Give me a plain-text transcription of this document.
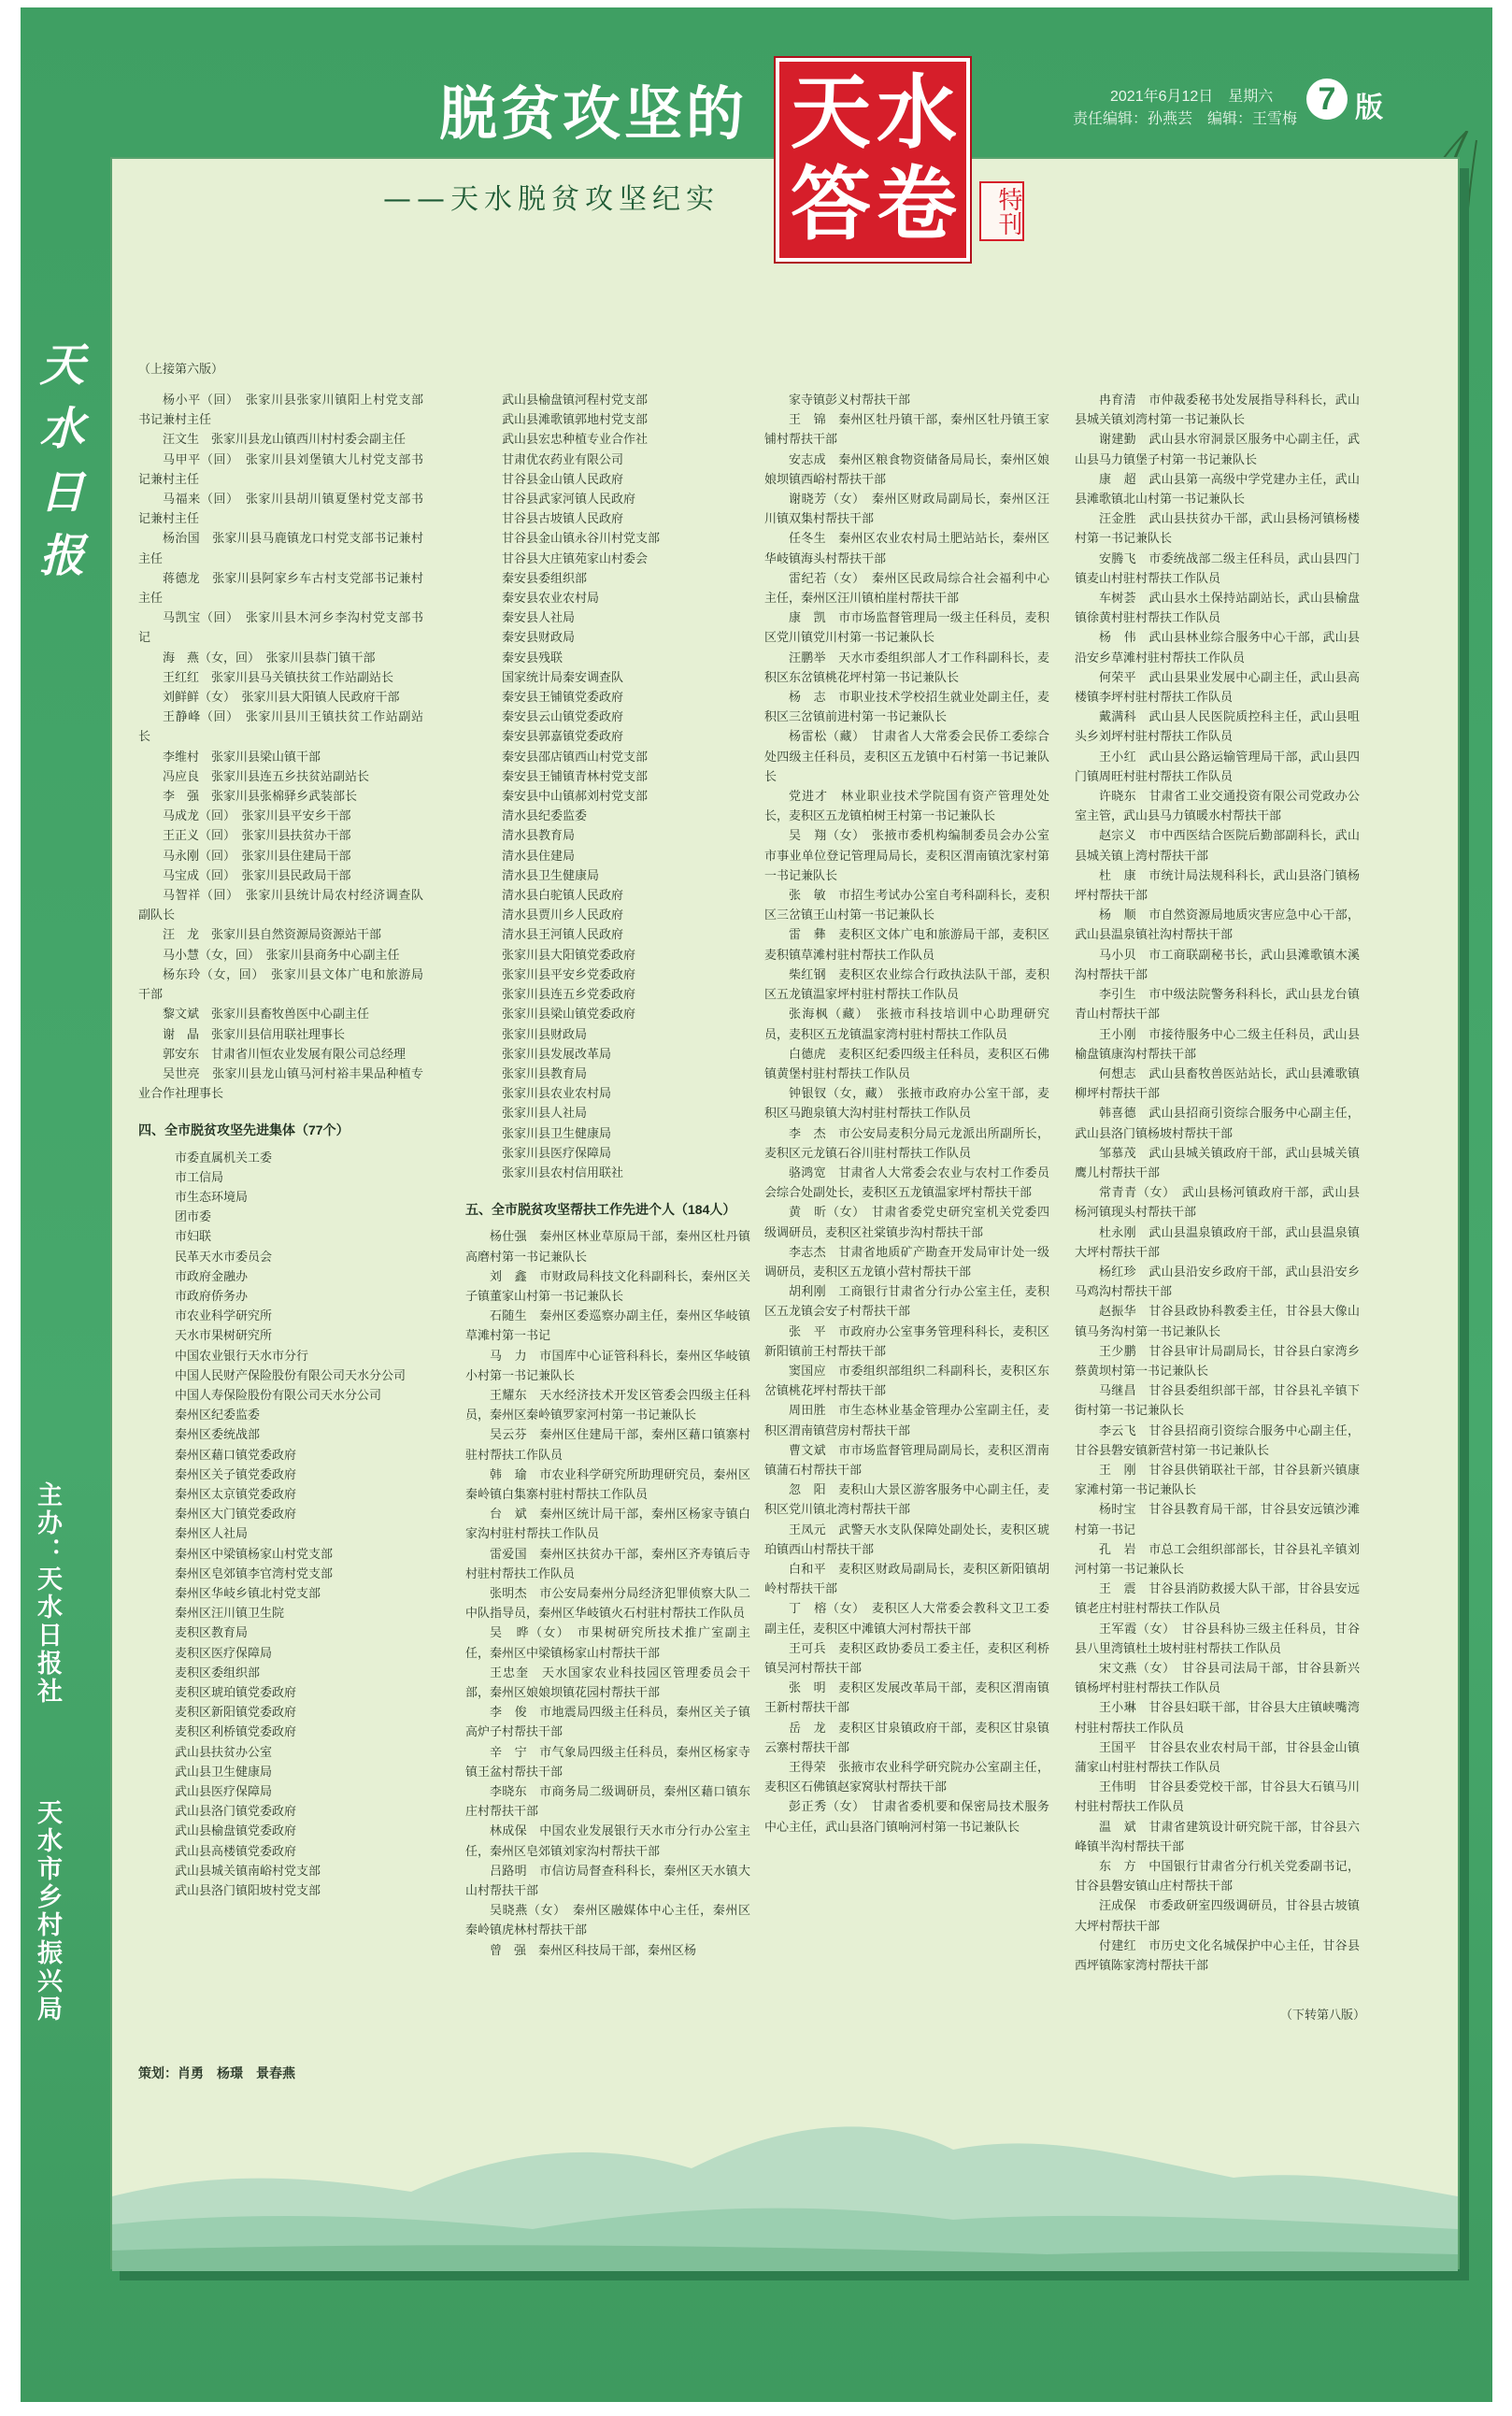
天水日报
主办：天水日报社
天水市乡村振兴局
脱贫攻坚的
——天水脱贫攻坚纪实
天 水
答 卷	特刊
2021年6月12日　星期六
责任编辑：孙燕芸　编辑：王雪梅
7 版
（上接第六版）

杨小平（回）　张家川县张家川镇阳上村党支部书记兼村主任

汪文生　张家川县龙山镇西川村村委会副主任

马甲平（回）　张家川县刘堡镇大儿村党支部书记兼村主任

马福来（回）　张家川县胡川镇夏堡村党支部书记兼村主任

杨治国　张家川县马鹿镇龙口村党支部书记兼村主任

蒋德龙　张家川县阿家乡车古村支党部书记兼村主任

马凯宝（回）　张家川县木河乡李沟村党支部书记

海　燕（女，回）　张家川县恭门镇干部

王红红　张家川县马关镇扶贫工作站副站长

刘鲜鲜（女）　张家川县大阳镇人民政府干部

王静峰（回）　张家川县川王镇扶贫工作站副站长

李维村　张家川县梁山镇干部

冯应良　张家川县连五乡扶贫站副站长

李　强　张家川县张棉驿乡武装部长

马成龙（回）　张家川县平安乡干部

王正义（回）　张家川县扶贫办干部

马永刚（回）　张家川县住建局干部

马宝成（回）　张家川县民政局干部

马智祥（回）　张家川县统计局农村经济调查队副队长

汪　龙　张家川县自然资源局资源站干部

马小慧（女，回）　张家川县商务中心副主任

杨东玲（女，回）　张家川县文体广电和旅游局干部

黎文斌　张家川县畜牧兽医中心副主任

谢　晶　张家川县信用联社理事长

郭安东　甘肃省川恒农业发展有限公司总经理

吴世亮　张家川县龙山镇马河村裕丰果品种植专业合作社理事长

四、全市脱贫攻坚先进集体（77个）

市委直属机关工委

市工信局

市生态环境局

团市委

市妇联

民革天水市委员会

市政府金融办

市政府侨务办

市农业科学研究所

天水市果树研究所

中国农业银行天水市分行

中国人民财产保险股份有限公司天水分公司

中国人寿保险股份有限公司天水分公司

秦州区纪委监委

秦州区委统战部

秦州区藉口镇党委政府

秦州区关子镇党委政府

秦州区太京镇党委政府

秦州区大门镇党委政府

秦州区人社局

秦州区中梁镇杨家山村党支部

秦州区皂郊镇李官湾村党支部

秦州区华岐乡镇北村党支部

秦州区汪川镇卫生院

麦积区教育局

麦积区医疗保障局

麦积区委组织部

麦积区琥珀镇党委政府

麦积区新阳镇党委政府

麦积区利桥镇党委政府

武山县扶贫办公室

武山县卫生健康局

武山县医疗保障局

武山县洛门镇党委政府

武山县榆盘镇党委政府

武山县高楼镇党委政府

武山县城关镇南峪村党支部

武山县洛门镇阳坡村党支部

武山县榆盘镇河程村党支部

武山县滩歌镇郭地村党支部

武山县宏忠种植专业合作社

甘肃优农药业有限公司

甘谷县金山镇人民政府

甘谷县武家河镇人民政府

甘谷县古坡镇人民政府

甘谷县金山镇永谷川村党支部

甘谷县大庄镇苑家山村委会

秦安县委组织部

秦安县农业农村局

秦安县人社局

秦安县财政局

秦安县残联

国家统计局秦安调查队

秦安县王铺镇党委政府

秦安县云山镇党委政府

秦安县郭嘉镇党委政府

秦安县邵店镇西山村党支部

秦安县王铺镇青林村党支部

秦安县中山镇郝刘村党支部

清水县纪委监委

清水县教育局

清水县住建局

清水县卫生健康局

清水县白驼镇人民政府

清水县贾川乡人民政府

清水县王河镇人民政府

张家川县大阳镇党委政府

张家川县平安乡党委政府

张家川县连五乡党委政府

张家川县梁山镇党委政府

张家川县财政局

张家川县发展改革局

张家川县教育局

张家川县农业农村局

张家川县人社局

张家川县卫生健康局

张家川县医疗保障局

张家川县农村信用联社

五、全市脱贫攻坚帮扶工作先进个人（184人）

杨仕强　秦州区林业草原局干部，秦州区杜丹镇高磨村第一书记兼队长

刘　鑫　市财政局科技文化科副科长，秦州区关子镇董家山村第一书记兼队长

石随生　秦州区委巡察办副主任，秦州区华岐镇草滩村第一书记

马　力　市国库中心证管科科长，秦州区华岐镇小村第一书记兼队长

王耀东　天水经济技术开发区管委会四级主任科员，秦州区秦岭镇罗家河村第一书记兼队长

吴云芬　秦州区住建局干部，秦州区藉口镇寨村驻村帮扶工作队员

韩　瑜　市农业科学研究所助理研究员，秦州区秦岭镇白集寨村驻村帮扶工作队员

台　斌　秦州区统计局干部，秦州区杨家寺镇白家沟村驻村帮扶工作队员

雷爱国　秦州区扶贫办干部，秦州区齐寿镇后寺村驻村帮扶工作队员

张明杰　市公安局秦州分局经济犯罪侦察大队二中队指导员，秦州区华岐镇火石村驻村帮扶工作队员

吴　晔（女）　市果树研究所技术推广室副主任，秦州区中梁镇杨家山村帮扶干部

王忠奎　天水国家农业科技园区管理委员会干部，秦州区娘娘坝镇花园村帮扶干部

李　俊　市地震局四级主任科员，秦州区关子镇高炉子村帮扶干部

辛　宁　市气象局四级主任科员，秦州区杨家寺镇王盆村帮扶干部

李晓东　市商务局二级调研员，秦州区藉口镇东庄村帮扶干部

林成保　中国农业发展银行天水市分行办公室主任，秦州区皂郊镇刘家沟村帮扶干部

吕路明　市信访局督查科科长，秦州区天水镇大山村帮扶干部

吴晓燕（女）　秦州区融媒体中心主任，秦州区秦岭镇虎林村帮扶干部

曾　强　秦州区科技局干部，秦州区杨

家寺镇彭义村帮扶干部

王　锦　秦州区牡丹镇干部，秦州区牡丹镇王家铺村帮扶干部

安志成　秦州区粮食物资储备局局长，秦州区娘娘坝镇西峪村帮扶干部

谢晓芳（女）　秦州区财政局副局长，秦州区汪川镇双集村帮扶干部

任冬生　秦州区农业农村局土肥站站长，秦州区华岐镇海头村帮扶干部

雷纪若（女）　秦州区民政局综合社会福利中心主任，秦州区汪川镇柏崖村帮扶干部

康　凯　市市场监督管理局一级主任科员，麦积区党川镇党川村第一书记兼队长

汪鹏举　天水市委组织部人才工作科副科长，麦积区东岔镇桃花坪村第一书记兼队长

杨　志　市职业技术学校招生就业处副主任，麦积区三岔镇前进村第一书记兼队长

杨雷松（藏）　甘肃省人大常委会民侨工委综合处四级主任科员，麦积区五龙镇中石村第一书记兼队长

党进才　林业职业技术学院国有资产管理处处长，麦积区五龙镇柏树王村第一书记兼队长

吴　翔（女）　张掖市委机构编制委员会办公室市事业单位登记管理局局长，麦积区渭南镇沈家村第一书记兼队长

张　敏　市招生考试办公室自考科副科长，麦积区三岔镇王山村第一书记兼队长

雷　彝　麦积区文体广电和旅游局干部，麦积区麦积镇草滩村驻村帮扶工作队员

柴红钢　麦积区农业综合行政执法队干部，麦积区五龙镇温家坪村驻村帮扶工作队员

张海枫（藏）　张掖市科技培训中心助理研究员，麦积区五龙镇温家湾村驻村帮扶工作队员

白德虎　麦积区纪委四级主任科员，麦积区石佛镇黄堡村驻村帮扶工作队员

钟银钗（女，藏）　张掖市政府办公室干部，麦积区马跑泉镇大沟村驻村帮扶工作队员

李　杰　市公安局麦积分局元龙派出所副所长，麦积区元龙镇石谷川驻村帮扶工作队员

骆鸿宽　甘肃省人大常委会农业与农村工作委员会综合处副处长，麦积区五龙镇温家坪村帮扶干部

黄　昕（女）　甘肃省委党史研究室机关党委四级调研员，麦积区社棠镇步沟村帮扶干部

李志杰　甘肃省地质矿产勘查开发局审计处一级调研员，麦积区五龙镇小营村帮扶干部

胡利刚　工商银行甘肃省分行办公室主任，麦积区五龙镇会安子村帮扶干部

张　平　市政府办公室事务管理科科长，麦积区新阳镇前王村帮扶干部

窦国应　市委组织部组织二科副科长，麦积区东岔镇桃花坪村帮扶干部

周田胜　市生态林业基金管理办公室副主任，麦积区渭南镇营房村帮扶干部

曹文斌　市市场监督管理局副局长，麦积区渭南镇蒲石村帮扶干部

忽　阳　麦积山大景区游客服务中心副主任，麦积区党川镇北湾村帮扶干部

王凤元　武警天水支队保障处副处长，麦积区琥珀镇西山村帮扶干部

白和平　麦积区财政局副局长，麦积区新阳镇胡岭村帮扶干部

丁　榕（女）　麦积区人大常委会教科文卫工委副主任，麦积区中滩镇大河村帮扶干部

王可兵　麦积区政协委员工委主任，麦积区利桥镇吴河村帮扶干部

张　明　麦积区发展改革局干部，麦积区渭南镇王新村帮扶干部

岳　龙　麦积区甘泉镇政府干部，麦积区甘泉镇云寨村帮扶干部

王得荣　张掖市农业科学研究院办公室副主任，麦积区石佛镇赵家窝驮村帮扶干部

彭正秀（女）　甘肃省委机要和保密局技术服务中心主任，武山县洛门镇响河村第一书记兼队长

冉育清　市仲裁委秘书处发展指导科科长，武山县城关镇刘湾村第一书记兼队长

谢建勤　武山县水帘洞景区服务中心副主任，武山县马力镇堡子村第一书记兼队长

康　超　武山县第一高级中学党建办主任，武山县滩歌镇北山村第一书记兼队长

汪金胜　武山县扶贫办干部，武山县杨河镇杨楼村第一书记兼队长

安腾飞　市委统战部二级主任科员，武山县四门镇麦山村驻村帮扶工作队员

车树荟　武山县水土保持站副站长，武山县榆盘镇徐黄村驻村帮扶工作队员

杨　伟　武山县林业综合服务中心干部，武山县沿安乡草滩村驻村帮扶工作队员

何荣平　武山县果业发展中心副主任，武山县高楼镇李坪村驻村帮扶工作队员

戴满科　武山县人民医院质控科主任，武山县咀头乡刘坪村驻村帮扶工作队员

王小红　武山县公路运输管理局干部，武山县四门镇周旺村驻村帮扶工作队员

许晓东　甘肃省工业交通投资有限公司党政办公室主管，武山县马力镇暖水村帮扶干部

赵宗义　市中西医结合医院后勤部副科长，武山县城关镇上湾村帮扶干部

杜　康　市统计局法规科科长，武山县洛门镇杨坪村帮扶干部

杨　顺　市自然资源局地质灾害应急中心干部，武山县温泉镇社沟村帮扶干部

马小贝　市工商联副秘书长，武山县滩歌镇木溪沟村帮扶干部

李引生　市中级法院警务科科长，武山县龙台镇青山村帮扶干部

王小刚　市接待服务中心二级主任科员，武山县榆盘镇康沟村帮扶干部

何想志　武山县畜牧兽医站站长，武山县滩歌镇柳坪村帮扶干部

韩喜德　武山县招商引资综合服务中心副主任，武山县洛门镇杨坡村帮扶干部

邹慕茂　武山县城关镇政府干部，武山县城关镇鹰儿村帮扶干部

常青青（女）　武山县杨河镇政府干部，武山县杨河镇现头村帮扶干部

杜永刚　武山县温泉镇政府干部，武山县温泉镇大坪村帮扶干部

杨红珍　武山县沿安乡政府干部，武山县沿安乡马鸡沟村帮扶干部

赵振华　甘谷县政协科教委主任，甘谷县大像山镇马务沟村第一书记兼队长

王少鹏　甘谷县审计局副局长，甘谷县白家湾乡蔡黄坝村第一书记兼队长

马继昌　甘谷县委组织部干部，甘谷县礼辛镇下街村第一书记兼队长

李云飞　甘谷县招商引资综合服务中心副主任，甘谷县磐安镇新营村第一书记兼队长

王　刚　甘谷县供销联社干部，甘谷县新兴镇康家滩村第一书记兼队长

杨时宝　甘谷县教育局干部，甘谷县安远镇沙滩村第一书记

孔　岩　市总工会组织部部长，甘谷县礼辛镇刘河村第一书记兼队长

王　震　甘谷县消防救援大队干部，甘谷县安远镇老庄村驻村帮扶工作队员

王军霞（女）　甘谷县科协三级主任科员，甘谷县八里湾镇杜土坡村驻村帮扶工作队员

宋文燕（女）　甘谷县司法局干部，甘谷县新兴镇杨坪村驻村帮扶工作队员

王小琳　甘谷县妇联干部，甘谷县大庄镇峡嘴湾村驻村帮扶工作队员

王国平　甘谷县农业农村局干部，甘谷县金山镇蒲家山村驻村帮扶工作队员

王伟明　甘谷县委党校干部，甘谷县大石镇马川村驻村帮扶工作队员

温　斌　甘肃省建筑设计研究院干部，甘谷县六峰镇半沟村帮扶干部

东　方　中国银行甘肃省分行机关党委副书记，甘谷县磐安镇山庄村帮扶干部

汪成保　市委政研室四级调研员，甘谷县古坡镇大坪村帮扶干部

付建红　市历史文化名城保护中心主任，甘谷县西坪镇陈家湾村帮扶干部

（下转第八版）
策划：肖勇　杨璟　景春燕
